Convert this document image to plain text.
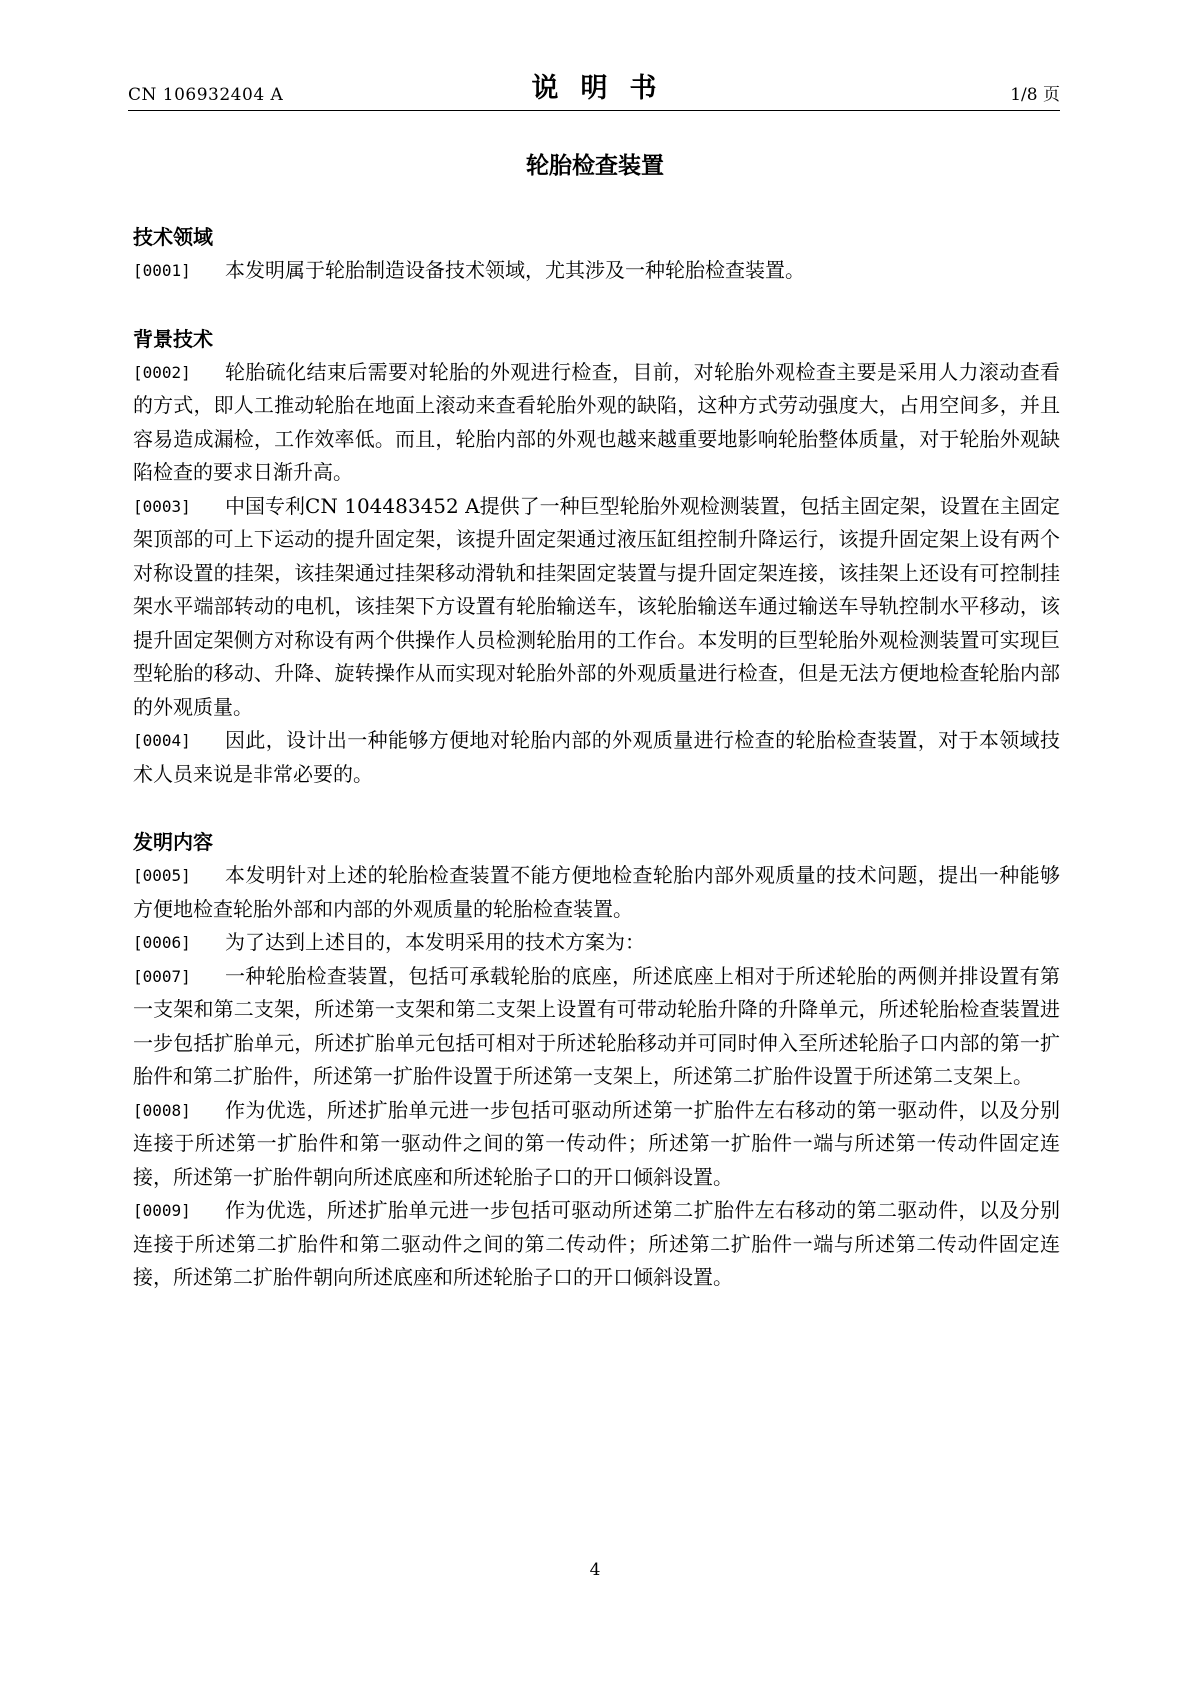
CN 106932404 A	说明书	1/8 页
轮胎检查装置
技术领域
[0001] 本发明属于轮胎制造设备技术领域，尤其涉及一种轮胎检查装置。
背景技术
[0002] 轮胎硫化结束后需要对轮胎的外观进行检查，目前，对轮胎外观检查主要是采用人力滚动查看的方式，即人工推动轮胎在地面上滚动来查看轮胎外观的缺陷，这种方式劳动强度大，占用空间多，并且容易造成漏检，工作效率低。而且，轮胎内部的外观也越来越重要地影响轮胎整体质量，对于轮胎外观缺陷检查的要求日渐升高。
[0003] 中国专利CN 104483452 A提供了一种巨型轮胎外观检测装置，包括主固定架，设置在主固定架顶部的可上下运动的提升固定架，该提升固定架通过液压缸组控制升降运行，该提升固定架上设有两个对称设置的挂架，该挂架通过挂架移动滑轨和挂架固定装置与提升固定架连接，该挂架上还设有可控制挂架水平端部转动的电机，该挂架下方设置有轮胎输送车，该轮胎输送车通过输送车导轨控制水平移动，该提升固定架侧方对称设有两个供操作人员检测轮胎用的工作台。本发明的巨型轮胎外观检测装置可实现巨型轮胎的移动、升降、旋转操作从而实现对轮胎外部的外观质量进行检查，但是无法方便地检查轮胎内部的外观质量。
[0004] 因此，设计出一种能够方便地对轮胎内部的外观质量进行检查的轮胎检查装置，对于本领域技术人员来说是非常必要的。
发明内容
[0005] 本发明针对上述的轮胎检查装置不能方便地检查轮胎内部外观质量的技术问题，提出一种能够方便地检查轮胎外部和内部的外观质量的轮胎检查装置。
[0006] 为了达到上述目的，本发明采用的技术方案为：
[0007] 一种轮胎检查装置，包括可承载轮胎的底座，所述底座上相对于所述轮胎的两侧并排设置有第一支架和第二支架，所述第一支架和第二支架上设置有可带动轮胎升降的升降单元，所述轮胎检查装置进一步包括扩胎单元，所述扩胎单元包括可相对于所述轮胎移动并可同时伸入至所述轮胎子口内部的第一扩胎件和第二扩胎件，所述第一扩胎件设置于所述第一支架上，所述第二扩胎件设置于所述第二支架上。
[0008] 作为优选，所述扩胎单元进一步包括可驱动所述第一扩胎件左右移动的第一驱动件，以及分别连接于所述第一扩胎件和第一驱动件之间的第一传动件；所述第一扩胎件一端与所述第一传动件固定连接，所述第一扩胎件朝向所述底座和所述轮胎子口的开口倾斜设置。
[0009] 作为优选，所述扩胎单元进一步包括可驱动所述第二扩胎件左右移动的第二驱动件，以及分别连接于所述第二扩胎件和第二驱动件之间的第二传动件；所述第二扩胎件一端与所述第二传动件固定连接，所述第二扩胎件朝向所述底座和所述轮胎子口的开口倾斜设置。
4
